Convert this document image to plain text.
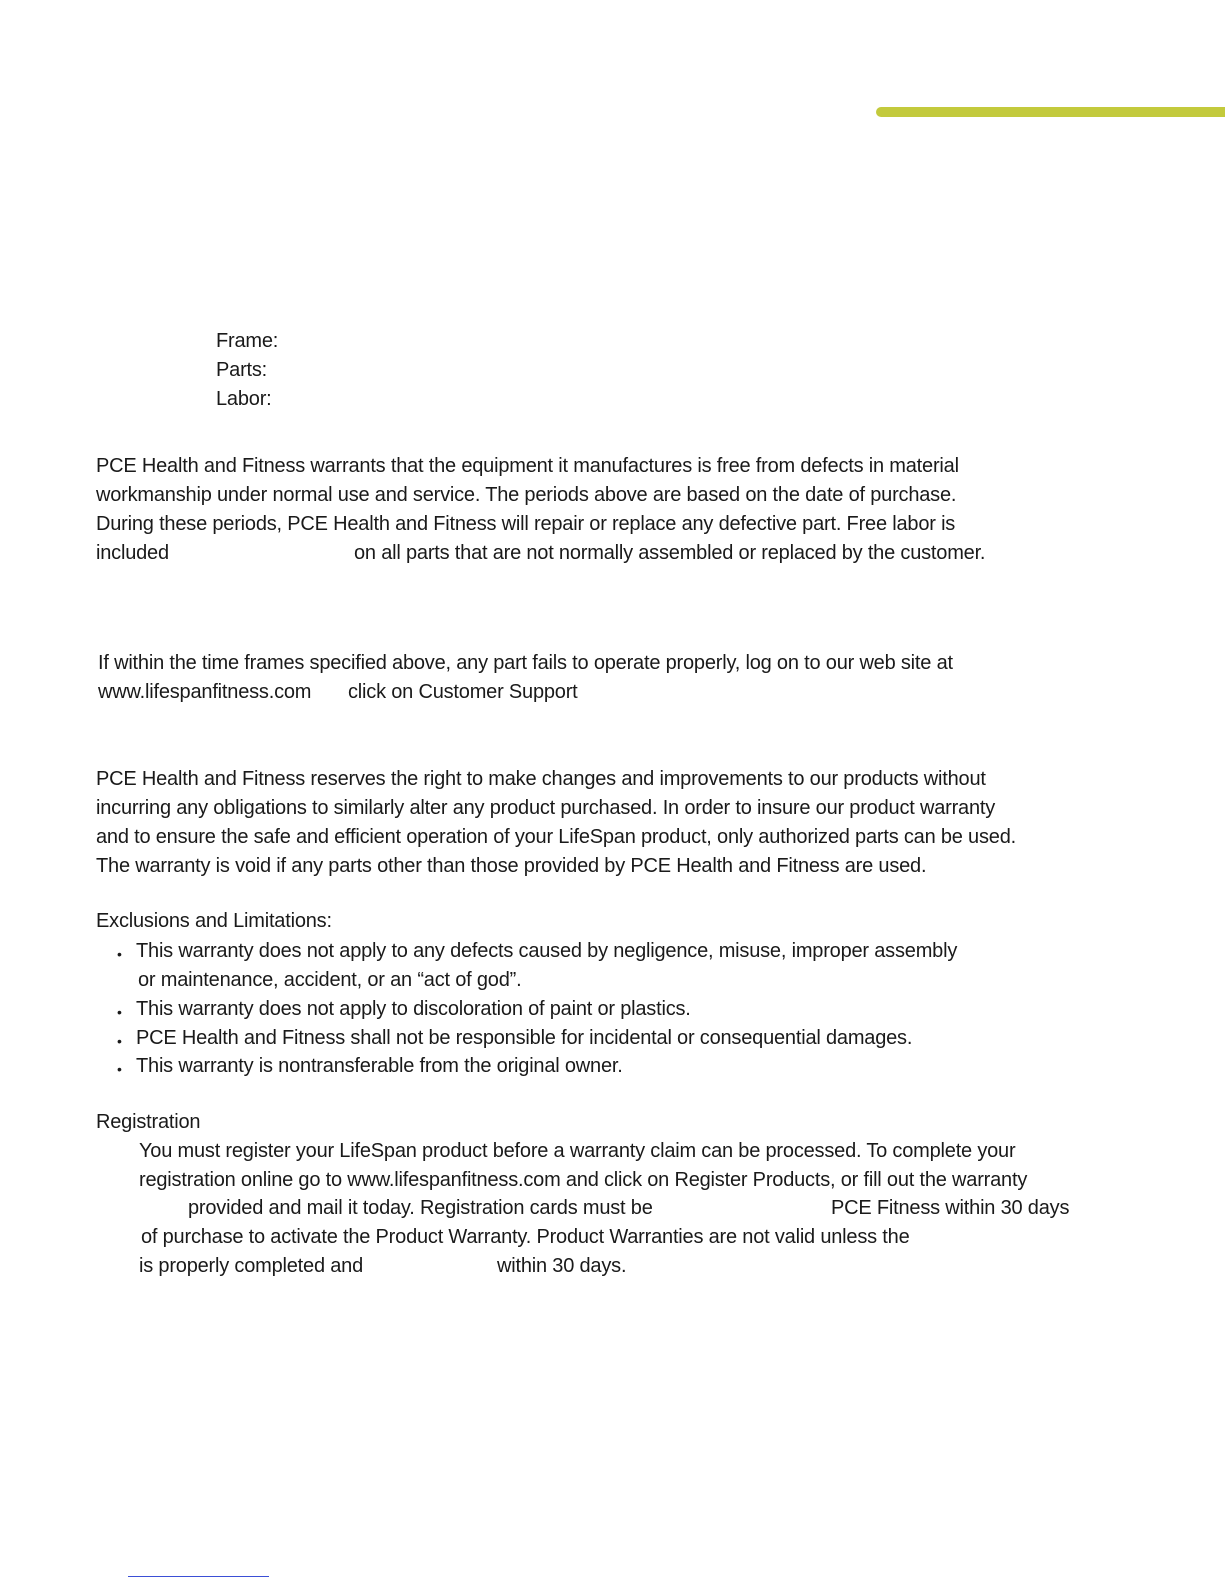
Frame:
Parts:
Labor:
PCE Health and Fitness warrants that the equipment it manufactures is free from defects in material
workmanship under normal use and service. The periods above are based on the date of purchase.
During these periods, PCE Health and Fitness will repair or replace any defective part. Free labor is
included	on all parts that are not normally assembled or replaced by the customer.
If within the time frames specified above, any part fails to operate properly, log on to our web site at
www.lifespanfitness.com click on Customer Support
PCE Health and Fitness reserves the right to make changes and improvements to our products without
incurring any obligations to similarly alter any product purchased. In order to insure our product warranty
and to ensure the safe and efficient operation of your LifeSpan product, only authorized parts can be used.
The warranty is void if any parts other than those provided by PCE Health and Fitness are used.
Exclusions and Limitations:
• This warranty does not apply to any defects caused by negligence, misuse, improper assembly
or maintenance, accident, or an “act of god”.
• This warranty does not apply to discoloration of paint or plastics.
• PCE Health and Fitness shall not be responsible for incidental or consequential damages.
• This warranty is nontransferable from the original owner.
Registration
You must register your LifeSpan product before a warranty claim can be processed. To complete your
registration online go to www.lifespanfitness.com and click on Register Products, or fill out the warranty
provided and mail it today. Registration cards must be	PCE Fitness within 30 days
of purchase to activate the Product Warranty. Product Warranties are not valid unless the
is properly completed and	within 30 days.
